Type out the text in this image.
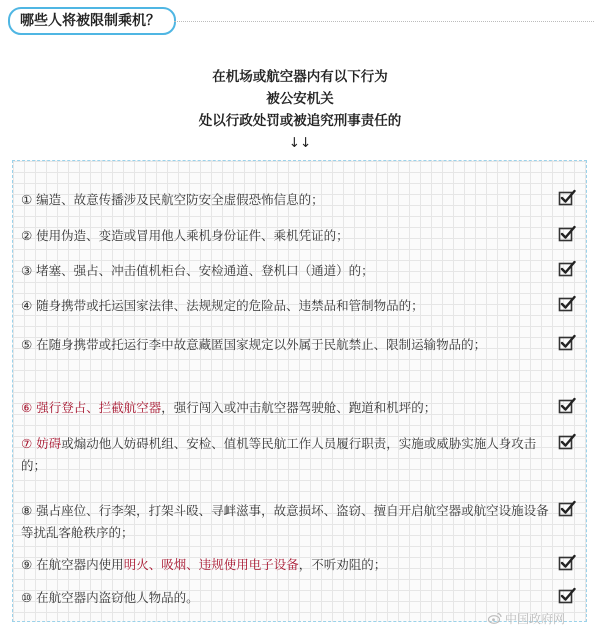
哪些人将被限制乘机？
在机场或航空器内有以下行为
被公安机关
处以行政处罚或被追究刑事责任的
↓↓
① 编造、故意传播涉及民航空防安全虚假恐怖信息的；
② 使用伪造、变造或冒用他人乘机身份证件、乘机凭证的；
③ 堵塞、强占、冲击值机柜台、安检通道、登机口（通道）的；
④ 随身携带或托运国家法律、法规规定的危险品、违禁品和管制物品的；
⑤ 在随身携带或托运行李中故意藏匿国家规定以外属于民航禁止、限制运输物品的；
⑥ 强行登占、拦截航空器，强行闯入或冲击航空器驾驶舱、跑道和机坪的；
⑦ 妨碍或煽动他人妨碍机组、安检、值机等民航工作人员履行职责，实施或威胁实施人身攻击的；
⑧ 强占座位、行李架，打架斗殴、寻衅滋事，故意损坏、盗窃、擅自开启航空器或航空设施设备等扰乱客舱秩序的；
⑨ 在航空器内使用明火、吸烟、违规使用电子设备，不听劝阻的；
⑩ 在航空器内盗窃他人物品的。
中国政府网
